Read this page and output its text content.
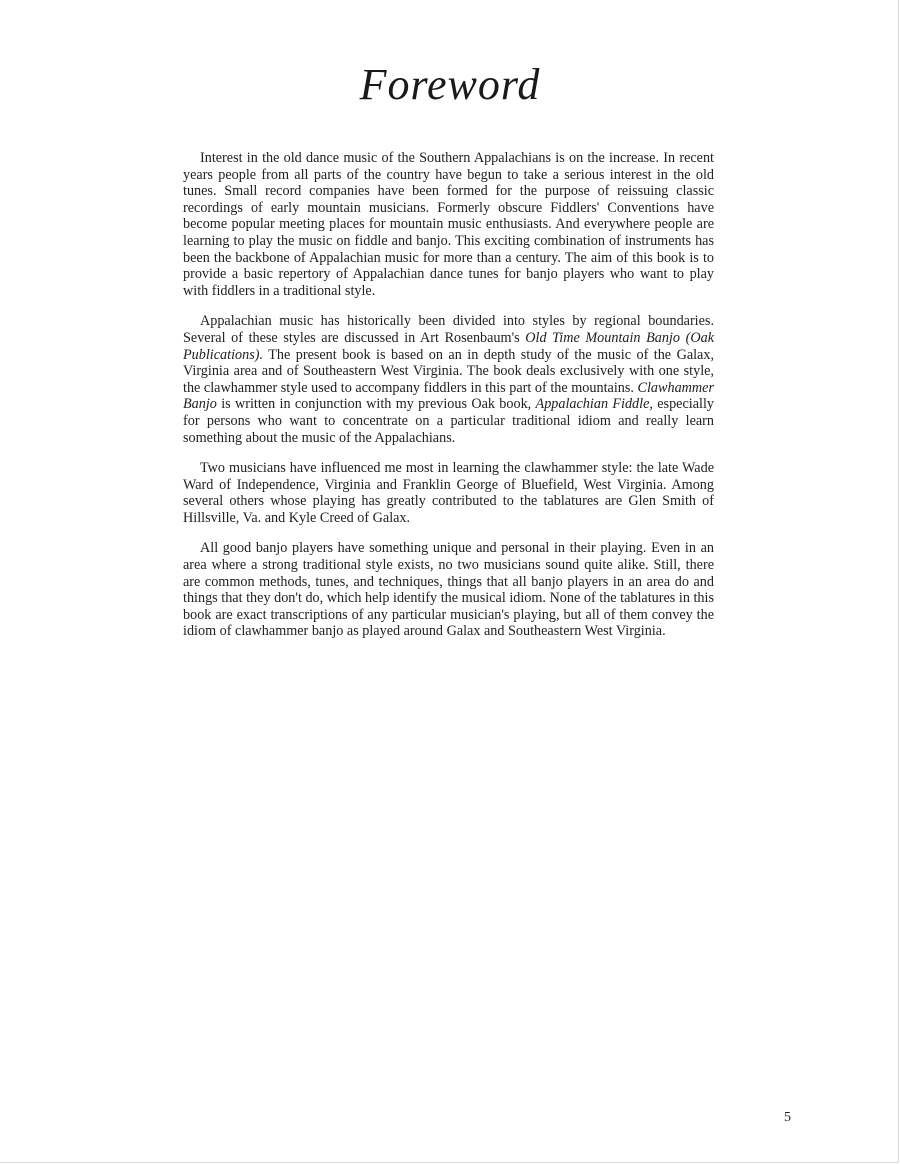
Foreword

Interest in the old dance music of the Southern Appalachians is on the increase. In recent years people from all parts of the country have begun to take a serious interest in the old tunes. Small record companies have been formed for the purpose of reissuing classic recordings of early mountain musicians. Formerly obscure Fiddlers' Conventions have become popular meeting places for mountain music enthusiasts. And everywhere people are learning to play the music on fiddle and banjo. This exciting combination of instruments has been the backbone of Appalachian music for more than a century. The aim of this book is to provide a basic repertory of Appalachian dance tunes for banjo players who want to play with fiddlers in a traditional style.

Appalachian music has historically been divided into styles by regional boundaries. Several of these styles are discussed in Art Rosenbaum's Old Time Mountain Banjo (Oak Publications). The present book is based on an in depth study of the music of the Galax, Virginia area and of Southeastern West Virginia. The book deals exclusively with one style, the clawhammer style used to accompany fiddlers in this part of the mountains. Clawhammer Banjo is written in conjunction with my previous Oak book, Appalachian Fiddle, especially for persons who want to concentrate on a particular traditional idiom and really learn something about the music of the Appalachians.

Two musicians have influenced me most in learning the clawhammer style: the late Wade Ward of Independence, Virginia and Franklin George of Bluefield, West Virginia. Among several others whose playing has greatly contributed to the tablatures are Glen Smith of Hillsville, Va. and Kyle Creed of Galax.

All good banjo players have something unique and personal in their playing. Even in an area where a strong traditional style exists, no two musicians sound quite alike. Still, there are common methods, tunes, and techniques, things that all banjo players in an area do and things that they don't do, which help identify the musical idiom. None of the tablatures in this book are exact transcriptions of any particular musician's playing, but all of them convey the idiom of clawhammer banjo as played around Galax and Southeastern West Virginia.

5
